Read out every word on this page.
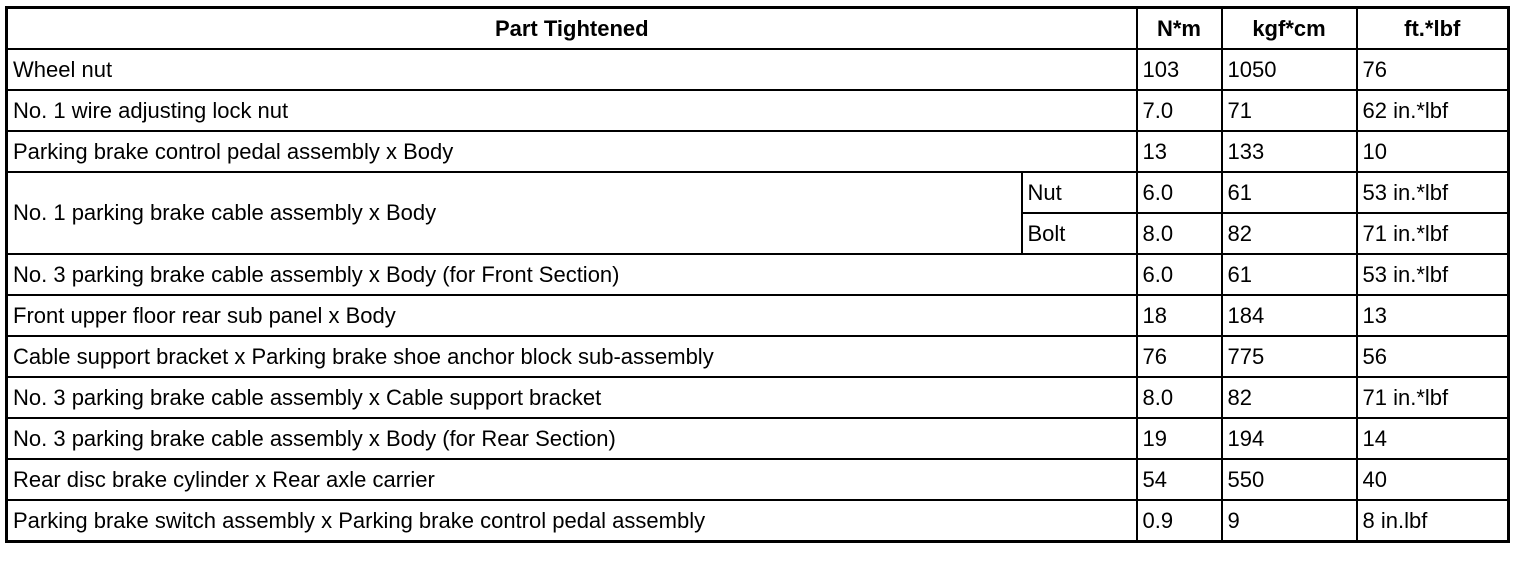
Part Tightened		N*m	kgf*cm	ft.*lbf
Wheel nut		103	1050	76
No. 1 wire adjusting lock nut		7.0	71	62 in.*lbf
Parking brake control pedal assembly x Body		13	133	10
No. 1 parking brake cable assembly x Body	Nut	6.0	61	53 in.*lbf
	Bolt	8.0	82	71 in.*lbf
No. 3 parking brake cable assembly x Body (for Front Section)		6.0	61	53 in.*lbf
Front upper floor rear sub panel x Body		18	184	13
Cable support bracket x Parking brake shoe anchor block sub-assembly		76	775	56
No. 3 parking brake cable assembly x Cable support bracket		8.0	82	71 in.*lbf
No. 3 parking brake cable assembly x Body (for Rear Section)		19	194	14
Rear disc brake cylinder x Rear axle carrier		54	550	40
Parking brake switch assembly x Parking brake control pedal assembly		0.9	9	8 in.lbf
